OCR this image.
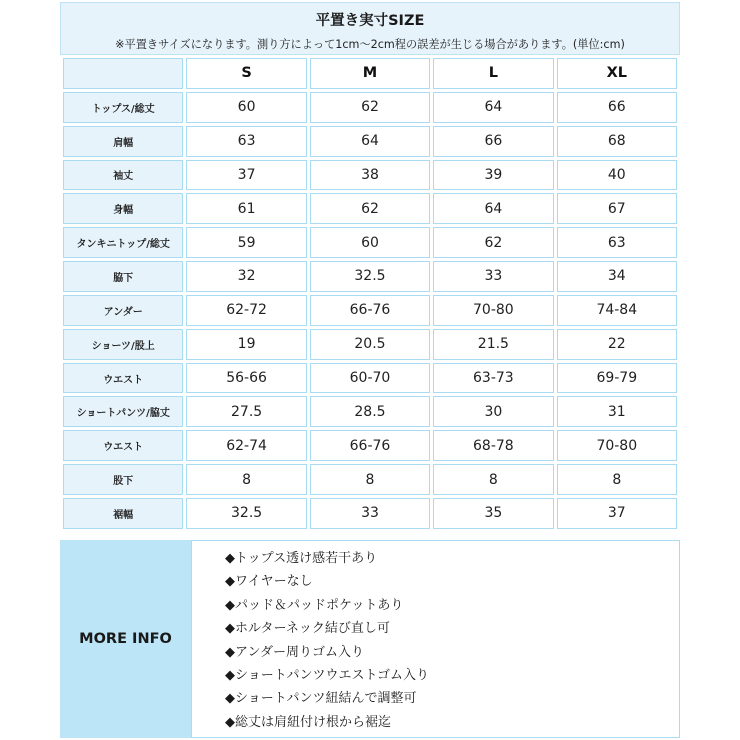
平置き実寸SIZE
※平置きサイズになります。測り方によって1cm〜2cm程の誤差が生じる場合があります。(単位:cm)
	S	M	L	XL
トップス/総丈	60	62	64	66
肩幅	63	64	66	68
袖丈	37	38	39	40
身幅	61	62	64	67
タンキニトップ/総丈	59	60	62	63
脇下	32	32.5	33	34
アンダー	62-72	66-76	70-80	74-84
ショーツ/股上	19	20.5	21.5	22
ウエスト	56-66	60-70	63-73	69-79
ショートパンツ/脇丈	27.5	28.5	30	31
ウエスト	62-74	66-76	68-78	70-80
股下	8	8	8	8
裾幅	32.5	33	35	37
MORE INFO
◆トップス透け感若干あり
◆ワイヤーなし
◆パッド＆パッドポケットあり
◆ホルターネック結び直し可
◆アンダー周りゴム入り
◆ショートパンツウエストゴム入り
◆ショートパンツ紐結んで調整可
◆総丈は肩紐付け根から裾迄
